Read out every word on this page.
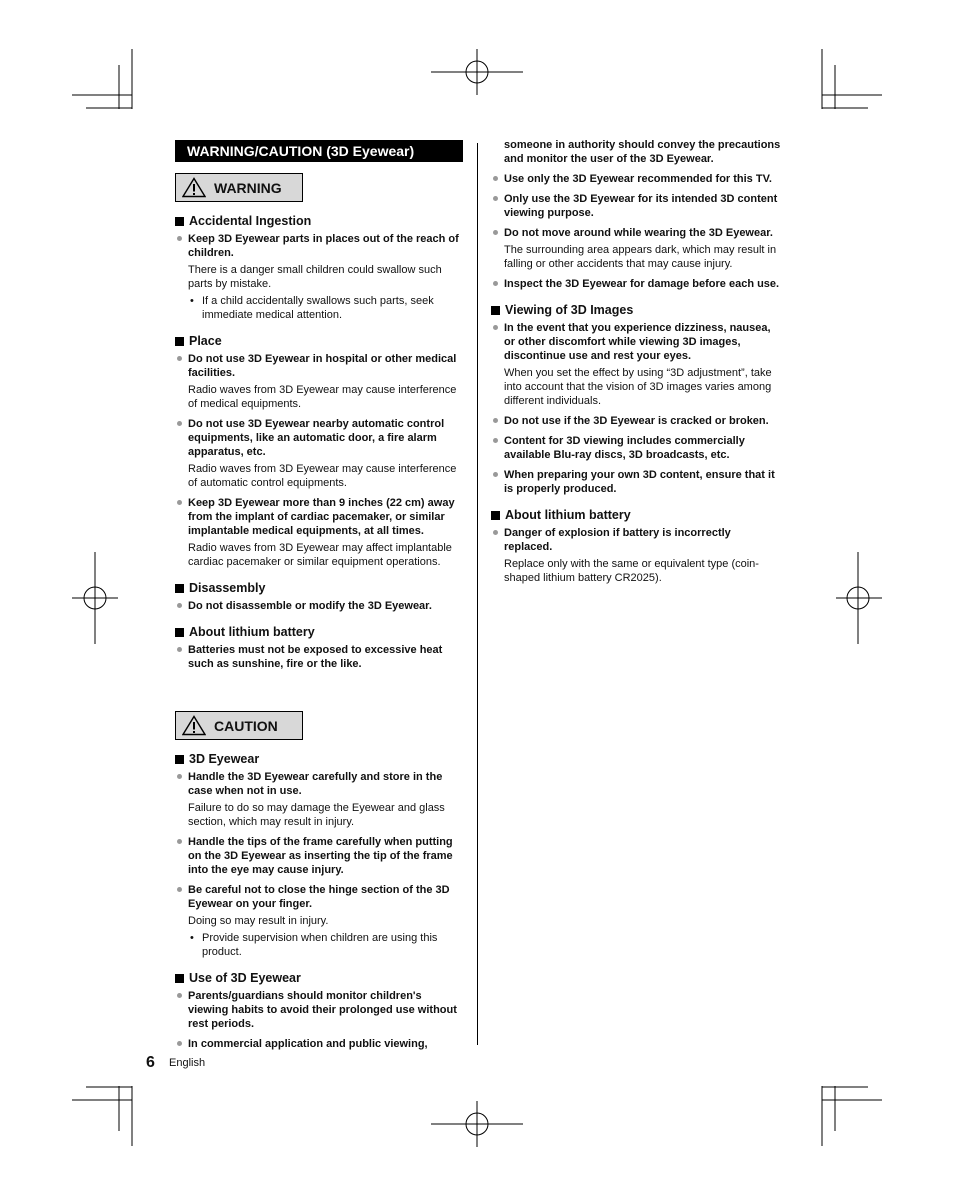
WARNING/CAUTION (3D Eyewear)
WARNING
Accidental Ingestion
Keep 3D Eyewear parts in places out of the reach of children.
There is a danger small children could swallow such parts by mistake.
• If a child accidentally swallows such parts, seek immediate medical attention.
Place
Do not use 3D Eyewear in hospital or other medical facilities.
Radio waves from 3D Eyewear may cause interference of medical equipments.
Do not use 3D Eyewear nearby automatic control equipments, like an automatic door, a fire alarm apparatus, etc.
Radio waves from 3D Eyewear may cause interference of automatic control equipments.
Keep 3D Eyewear more than 9 inches (22 cm) away from the implant of cardiac pacemaker, or similar implantable medical equipments, at all times.
Radio waves from 3D Eyewear may affect implantable cardiac pacemaker or similar equipment operations.
Disassembly
Do not disassemble or modify the 3D Eyewear.
About lithium battery
Batteries must not be exposed to excessive heat such as sunshine, fire or the like.
CAUTION
3D Eyewear
Handle the 3D Eyewear carefully and store in the case when not in use.
Failure to do so may damage the Eyewear and glass section, which may result in injury.
Handle the tips of the frame carefully when putting on the 3D Eyewear as inserting the tip of the frame into the eye may cause injury.
Be careful not to close the hinge section of the 3D Eyewear on your finger.
Doing so may result in injury.
• Provide supervision when children are using this product.
Use of 3D Eyewear
Parents/guardians should monitor children's viewing habits to avoid their prolonged use without rest periods.
In commercial application and public viewing,
someone in authority should convey the precautions and monitor the user of the 3D Eyewear.
Use only the 3D Eyewear recommended for this TV.
Only use the 3D Eyewear for its intended 3D content viewing purpose.
Do not move around while wearing the 3D Eyewear.
The surrounding area appears dark, which may result in falling or other accidents that may cause injury.
Inspect the 3D Eyewear for damage before each use.
Viewing of 3D Images
In the event that you experience dizziness, nausea, or other discomfort while viewing 3D images, discontinue use and rest your eyes.
When you set the effect by using “3D adjustment”, take into account that the vision of 3D images varies among different individuals.
Do not use if the 3D Eyewear is cracked or broken.
Content for 3D viewing includes commercially available Blu-ray discs, 3D broadcasts, etc.
When preparing your own 3D content, ensure that it is properly produced.
About lithium battery
Danger of explosion if battery is incorrectly replaced.
Replace only with the same or equivalent type (coin-shaped lithium battery CR2025).
6 English
